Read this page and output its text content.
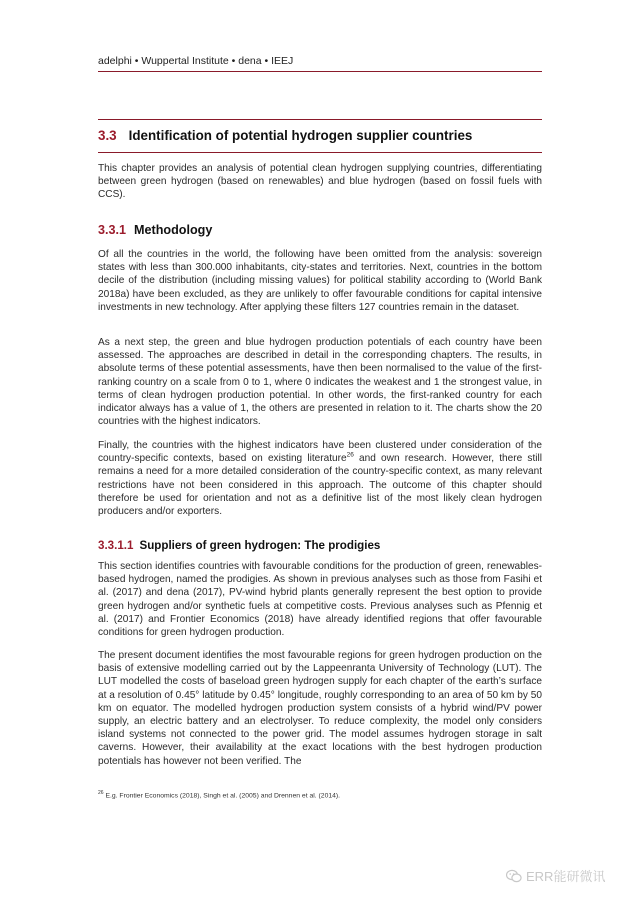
adelphi • Wuppertal Institute • dena • IEEJ
3.3 Identification of potential hydrogen supplier countries
This chapter provides an analysis of potential clean hydrogen supplying countries, differentiating between green hydrogen (based on renewables) and blue hydrogen (based on fossil fuels with CCS).
3.3.1 Methodology
Of all the countries in the world, the following have been omitted from the analysis: sovereign states with less than 300.000 inhabitants, city-states and territories. Next, countries in the bottom decile of the distribution (including missing values) for political stability according to (World Bank 2018a) have been excluded, as they are unlikely to offer favourable conditions for capital intensive investments in new technology. After applying these filters 127 countries remain in the dataset.
As a next step, the green and blue hydrogen production potentials of each country have been assessed. The approaches are described in detail in the corresponding chapters. The results, in absolute terms of these potential assessments, have then been normalised to the value of the first-ranking country on a scale from 0 to 1, where 0 indicates the weakest and 1 the strongest value, in terms of clean hydrogen production potential. In other words, the first-ranked country for each indicator always has a value of 1, the others are presented in relation to it. The charts show the 20 countries with the highest indicators.
Finally, the countries with the highest indicators have been clustered under consideration of the country-specific contexts, based on existing literature$^{26}$ and own research. However, there still remains a need for a more detailed consideration of the country-specific context, as many relevant restrictions have not been considered in this approach. The outcome of this chapter should therefore be used for orientation and not as a definitive list of the most likely clean hydrogen producers and/or exporters.
3.3.1.1 Suppliers of green hydrogen: The prodigies
This section identifies countries with favourable conditions for the production of green, renewables-based hydrogen, named the prodigies. As shown in previous analyses such as those from Fasihi et al. (2017) and dena (2017), PV-wind hybrid plants generally represent the best option to provide green hydrogen and/or synthetic fuels at competitive costs. Previous analyses such as Pfennig et al. (2017) and Frontier Economics (2018) have already identified regions that offer favourable conditions for green hydrogen production.
The present document identifies the most favourable regions for green hydrogen production on the basis of extensive modelling carried out by the Lappeenranta University of Technology (LUT). The LUT modelled the costs of baseload green hydrogen supply for each chapter of the earth’s surface at a resolution of 0.45° latitude by 0.45° longitude, roughly corresponding to an area of 50 km by 50 km on equator. The modelled hydrogen production system consists of a hybrid wind/PV power supply, an electric battery and an electrolyser. To reduce complexity, the model only considers island systems not connected to the power grid. The model assumes hydrogen storage in salt caverns. However, their availability at the exact locations with the best hydrogen production potentials has however not been verified. The
$^{26}$ E.g. Frontier Economics (2018), Singh et al. (2005) and Drennen et al. (2014).
ERR能研微讯
